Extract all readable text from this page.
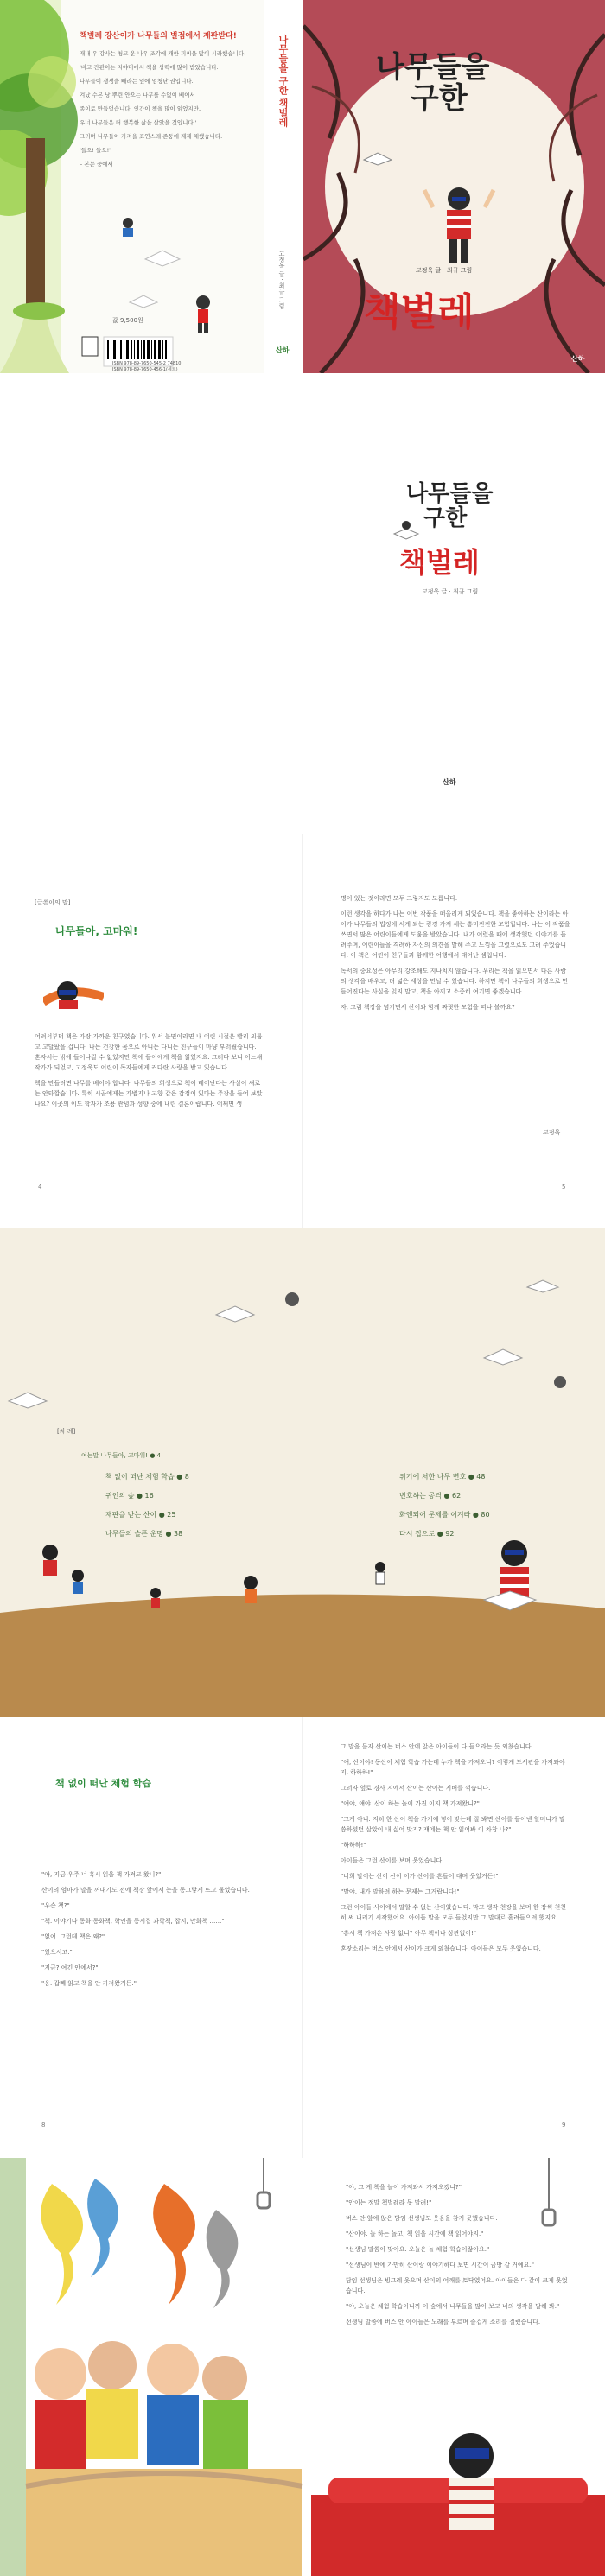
책벌레 강산이가 나무들의 벌점에서 재판받다!

재내 우 강사는 청고 운 나우 조각에 개한 피씨을 많이 시라했습니다.

'비고 간관이는 저야미에서 책을 성력에 많이 받았습니다.

나무들이 쟁쟁을 빼라는 잎에 엄청난 권입니다.

겨났 수본 낭 뿌린 안으는 나무를 수없이 베어서

종이로 만들었습니다. 인간이 책을 많이 읽었지만,

우너 나무들은 더 행복한 삶을 살았을 것입니다.'

그러며 나무들이 가져올 표연스레 존둥에 재제 채했습니다.

'들으! 들으!'

– 본문 중에서

ISBN 978-89-7650-545-2 74810
ISBN 978-89-7650-456-1(세트)
값 9,500원
나무들을 구한 책벌레
고정욱 글 · 최규 그림
산하
나무들을
구한
책벌레
고정욱 글 · 최규 그림
산하
나무들을
구한
책벌레
고정욱 글 · 최규 그림
산하
[글쓴이의 말]
나무들아, 고마워!

어려서부터 책은 가장 가까운 친구였습니다. 워서 불면이라면 내 어린 시절은 빨리 외롭고 고달팠을 겁니다. 나는 건강한 몸으로 아니는 다니는 친구들이 마냥 부러웠습니다. 혼자서는 밖에 들어나갈 수 없었지만 책에 들어에게 책을 읽었지요. 그러다 보니 어느새 작가가 되었고, 고정욱도 어린이 독자들에게 커다란 사랑을 받고 있습니다.

책을 만들려면 나무를 베어야 합니다. 나무들의 희생으로 책이 태어난다는 사실이 새로는 안타깝습니다. 특히 시골에게는 가볍지나 고향 같은 감정이 있다는 주장을 들어 보았나요? 이곳의 이도 학자가 조용 관념과 성향 중에 내린 결론이랍니다. 어쩌면 생

명이 있는 것이라면 모두 그렇지도 모릅니다.

이런 생각을 하다가 나는 이번 작품을 떠올리게 되었습니다. 책을 좋아하는 산이라는 아이가 나무들의 법정에 서게 되는 광경 가져 세는 흥미진진한 모험입니다. 나는 이 작품을 쓰면서 많은 어린이들에게 도움을 받았습니다. 내가 어렸을 때에 생각했던 이야기를 들려주며, 어린이들을 격려하 자신의 의견을 말해 주고 느낌을 그렸으로도 그려 주었습니다. 이 책은 어린이 친구들과 함께한 여행에서 태어난 셈입니다.

독서의 중요성은 아무리 강조해도 지나치지 않습니다. 우리는 책을 읽으면서 다른 사람의 생각을 배우고, 더 넓은 세상을 만날 수 있습니다. 하지만 책이 나무들의 희생으로 만들어진다는 사실을 잊지 말고, 책을 아끼고 소중히 여기면 좋겠습니다.

자, 그럼 책장을 넘기면서 산이와 함께 짜릿한 모험을 떠나 볼까요?

고정욱
4	5
[차 례]
여는말 나무들아, 고마워! ● 4
책 없이 떠난 체험 학습 ● 8
귀인의 숲 ● 16
재판을 받는 산이 ● 25
나무들의 슬픈 운명 ● 38
위기에 처한 나무 변호 ● 48
변호하는 공격 ● 62
화엔되어 문제를 이겨라 ● 80
다시 집으로 ● 92
책 없이 떠난 체험 학습

"아, 지금 우주 너 흑시 읽을 책 가져고 왔니?"

산이의 엄마가 말을 꺼내기도 전에 책장 앞에서 눈을 동그랗게 뜨고 물었습니다.

"우슨 책?"

"책. 이야기나 동화 동화책, 학인을 동시집 과학책, 잡지, 만화책 ……"

"없어. 그런데 책은 왜?"

"있으시고."

"지금? 여긴 안에서?"

"응. 갑빼 읽고 책을 안 가져왔거든."

그 말을 듣자 산이는 버스 안에 앉은 아이들이 다 들으라는 듯 외쳤습니다.

"얘, 산이야! 동산이 체험 학습 가는데 누가 책을 가져오니? 이렇게 도서관을 가져와야지. 하하하!"

그러자 옆로 경사 지에서 산이는 산이는 지배를 꺾습니다.

"얘야, 얘야. 산이 하는 놀이 가진 이지 책 가져왔니?"

"그게 아니. 지히 한 산이 책을 가기에 넣어 맞는데 잘 봐면 산이를 들어낸 할머니가 말씀하셨던 살았이 내 싫어 맞지? 쟤에는 책 안 읽어봐 이 차창 나?"

"하하하!"

아이들은 그런 산이를 보며 웃었습니다.

"너희 말이는 산이 산이 이가 산이를 흔들어 대며 웃었거든!"

"말야, 내가 말하려 하는 문제는 그거랍니다!"

그런 아이들 사이에서 말할 수 없는 산이였습니다. 막고 생각 천장을 보며 한 장씩 천천히 써 내리기 시작했어요. 아이들 말을 모두 들었지만 그 말대로 흘려들으려 했지요.

"흥시 책 가져온 사람 없니? 아무 책이나 상관없어!"

혼잣소리는 버스 안에서 산이가 크게 외쳤습니다. 아이들은 모두 웃었습니다.

8	9

"야, 그 게 책을 놀이 가져와서 가져오겠니?"

"안이는 정말 책벌레라 못 말려!"

버스 안 앞에 앉은 담임 선생님도 웃음을 참지 못했습니다.

"산이야. 놀 하는 놀고, 책 읽을 시간에 책 읽어야지."

"선생님 말씀이 맞아요. 오늘은 놀 체험 학습이잖아요."

"선생님이 반에 가만히 산이랑 이야기하다 보면 시간이 금방 갈 거예요."

담임 선생님은 빙그레 웃으며 산이의 어깨를 토닥였어요. 아이들은 다 같이 크게 웃었습니다.

"야, 오늘은 체험 학습이니까 이 숲에서 나무들을 많이 보고 너의 생각을 말해 봐."

선생님 말씀에 버스 안 아이들은 노래를 부르며 즐겁게 소리를 질렀습니다.
